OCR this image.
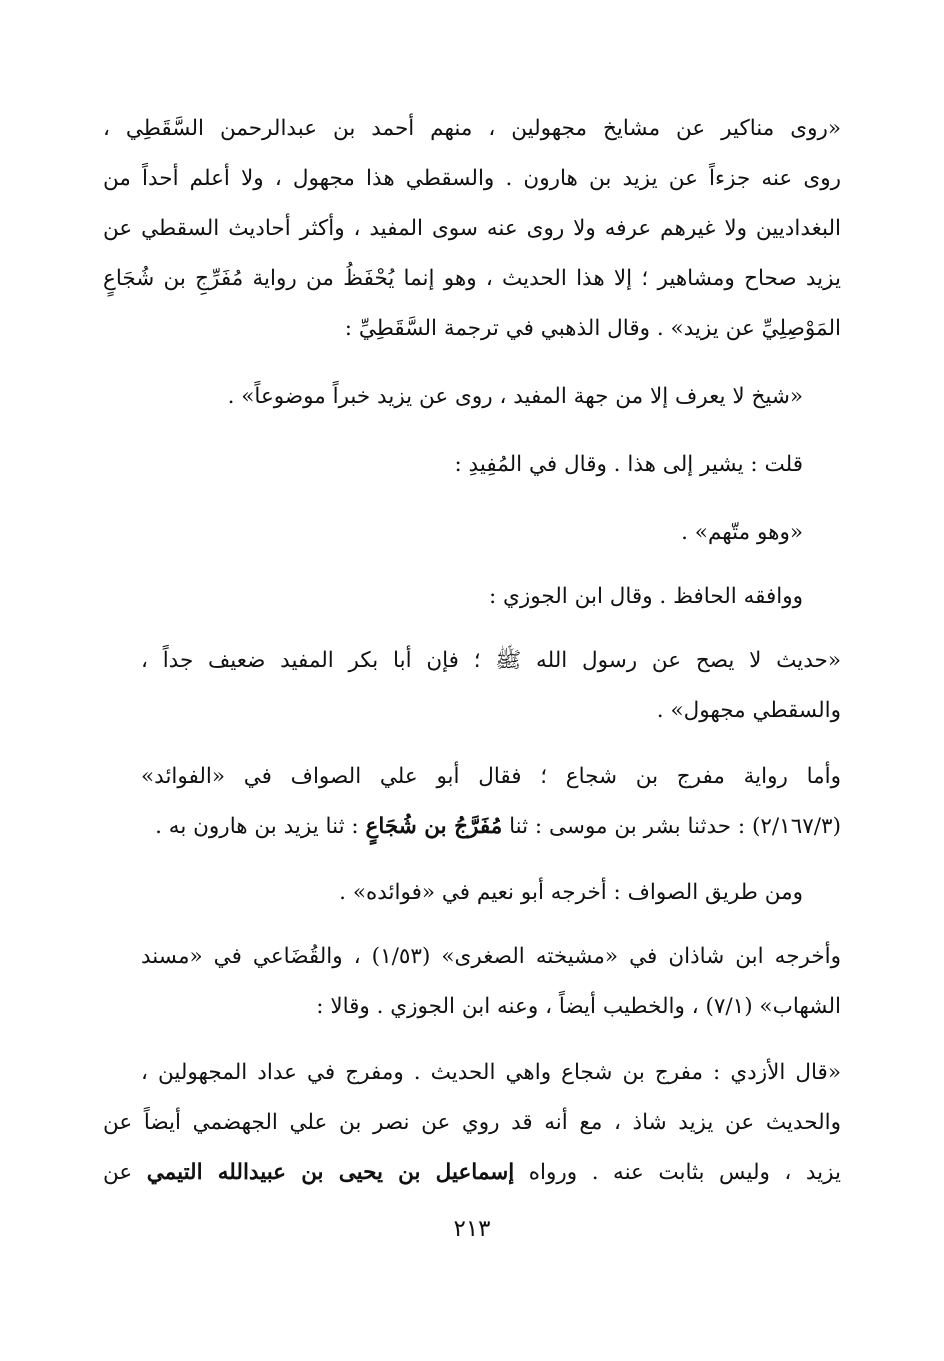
«روى مناكير عن مشايخ مجهولين ، منهم أحمد بن عبدالرحمن السَّقَطِي ،
روى عنه جزءاً عن يزيد بن هارون . والسقطي هذا مجهول ، ولا أعلم أحداً من
البغداديين ولا غيرهم عرفه ولا روى عنه سوى المفيد ، وأكثر أحاديث السقطي عن
يزيد صحاح ومشاهير ؛ إلا هذا الحديث ، وهو إنما يُحْفَظُ من رواية مُفَرِّجِ بن شُجَاعٍ
المَوْصِلِيِّ عن يزيد» . وقال الذهبي في ترجمة السَّقَطِيِّ :
«شيخ لا يعرف إلا من جهة المفيد ، روى عن يزيد خبراً موضوعاً» .
قلت : يشير إلى هذا . وقال في المُفِيدِ :
«وهو متّهم» .
ووافقه الحافظ . وقال ابن الجوزي :
«حديث لا يصح عن رسول الله ﷺ ؛ فإن أبا بكر المفيد ضعيف جداً ،
والسقطي مجهول» .
وأما رواية مفرج بن شجاع ؛ فقال أبو علي الصواف في «الفوائد»
(٢/١٦٧/٣) : حدثنا بشر بن موسى : ثنا مُفَرَّجُ بن شُجَاعٍ : ثنا يزيد بن هارون به .
ومن طريق الصواف : أخرجه أبو نعيم في «فوائده» .
وأخرجه ابن شاذان في «مشيخته الصغرى» (١/٥٣) ، والقُضَاعي في «مسند
الشهاب» (٧/١) ، والخطيب أيضاً ، وعنه ابن الجوزي . وقالا :
«قال الأزدي : مفرج بن شجاع واهي الحديث . ومفرج في عداد المجهولين ،
والحديث عن يزيد شاذ ، مع أنه قد روي عن نصر بن علي الجهضمي أيضاً عن
يزيد ، وليس بثابت عنه . ورواه إسماعيل بن يحيى بن عبيدالله التيمي عن
٢١٣
